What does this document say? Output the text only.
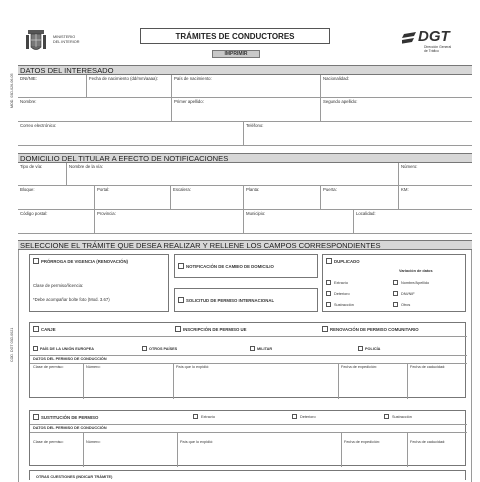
MINISTERIO
DEL INTERIOR
TRÁMITES DE CONDUCTORES
IMPRIMIR
DGT
Dirección General
de Tráfico
MOD. 03D-026-06-05
COD. DGT 03D-0021
DATOS DEL INTERESADO
DNI/NIE:	Fecha de nacimiento (dd/mm/aaaa):	País de nacimiento:	Nacionalidad:
Nombre:	Primer apellido:	Segundo apellido:
Correo electrónico:	Teléfono:
DOMICILIO DEL TITULAR A EFECTO DE NOTIFICACIONES
Tipo de vía:	Nombre de la vía:	Número:
Bloque:	Portal:	Escalera:	Planta:	Puerta:	KM:
Código postal:	Provincia:	Municipio:	Localidad:
SELECCIONE EL TRÁMITE QUE DESEA REALIZAR Y RELLENE LOS CAMPOS CORRESPONDIENTES
PRÓRROGA DE VIGENCIA (RENOVACIÓN)
Clase de permiso/licencia:
*Debe acompañar bolte foto (Mod. 3.67)
NOTIFICACIÓN DE CAMBIO DE DOMICILIO
SOLICITUD DE PERMISO INTERNACIONAL
DUPLICADO
Extravío
Deterioro
Sustracción
Variación de datos
Nombre/Apellido
DNI/NIF
Otros
CANJE	INSCRIPCIÓN DE PERMISO UE	RENOVACIÓN DE PERMISO COMUNITARIO
PAÍS DE LA UNIÓN EUROPEA	OTROS PAÍSES	MILITAR	POLICÍA
DATOS DEL PERMISO DE CONDUCCIÓN
Clase de permiso:	Número:	País que lo expidió:	Fecha de expedición:	Fecha de caducidad:
SUSTITUCIÓN DE PERMISO	Extravío	Deterioro	Sustracción
DATOS DEL PERMISO DE CONDUCCIÓN
Clase de permiso:	Número:	País que lo expidió:	Fecha de expedición:	Fecha de caducidad:
OTRAS CUESTIONES (INDICAR TRÁMITE)
